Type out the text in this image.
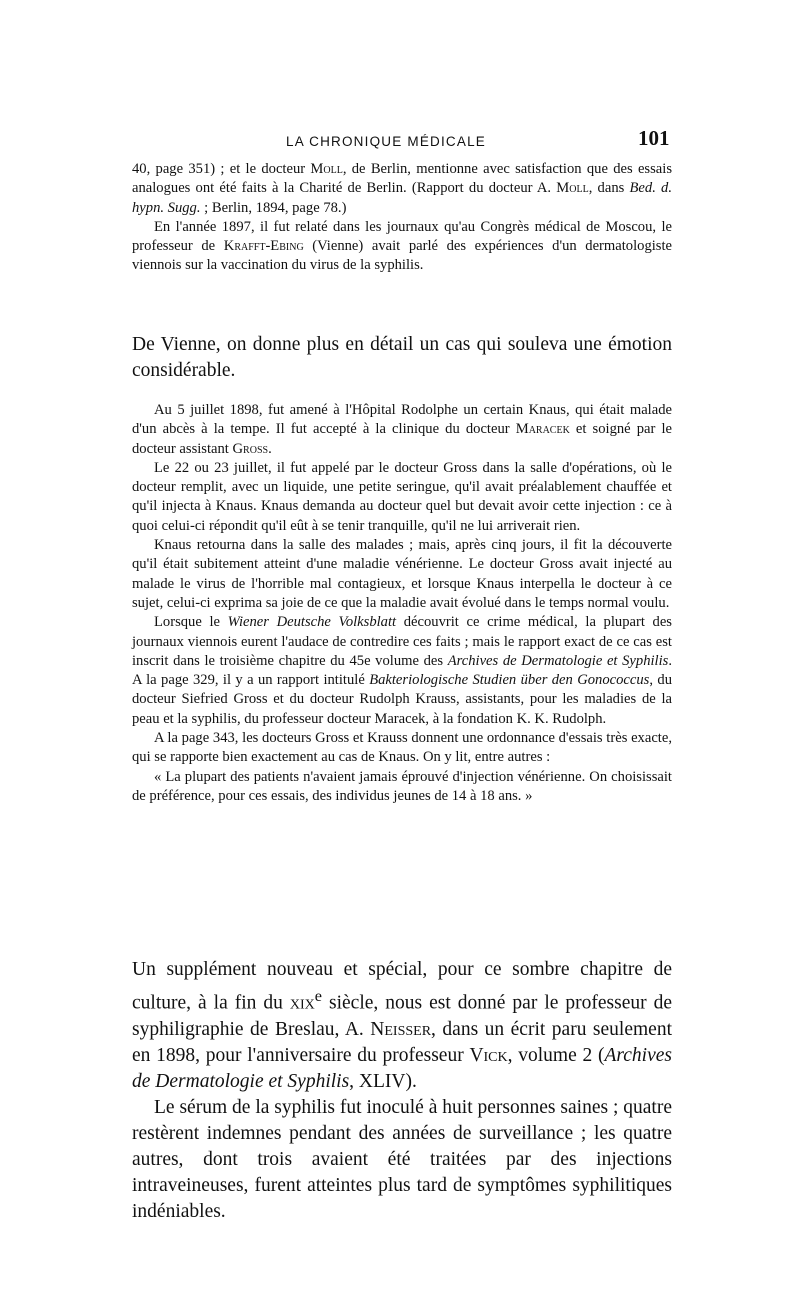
LA CHRONIQUE MÉDICALE	101

40, page 351) ; et le docteur Moll, de Berlin, mentionne avec satisfaction que des essais analogues ont été faits à la Charité de Berlin. (Rapport du docteur A. Moll, dans Bed. d. hypn. Sugg. ; Berlin, 1894, page 78.)

En l'année 1897, il fut relaté dans les journaux qu'au Congrès médical de Moscou, le professeur de Krafft-Ebing (Vienne) avait parlé des expériences d'un dermatologiste viennois sur la vaccination du virus de la syphilis.

De Vienne, on donne plus en détail un cas qui souleva une émotion considérable.

Au 5 juillet 1898, fut amené à l'Hôpital Rodolphe un certain Knaus, qui était malade d'un abcès à la tempe. Il fut accepté à la clinique du docteur Maracek et soigné par le docteur assistant Gross.

Le 22 ou 23 juillet, il fut appelé par le docteur Gross dans la salle d'opérations, où le docteur remplit, avec un liquide, une petite seringue, qu'il avait préalablement chauffée et qu'il injecta à Knaus. Knaus demanda au docteur quel but devait avoir cette injection : ce à quoi celui-ci répondit qu'il eût à se tenir tranquille, qu'il ne lui arriverait rien.

Knaus retourna dans la salle des malades ; mais, après cinq jours, il fit la découverte qu'il était subitement atteint d'une maladie vénérienne. Le docteur Gross avait injecté au malade le virus de l'horrible mal contagieux, et lorsque Knaus interpella le docteur à ce sujet, celui-ci exprima sa joie de ce que la maladie avait évolué dans le temps normal voulu.

Lorsque le Wiener Deutsche Volksblatt découvrit ce crime médical, la plupart des journaux viennois eurent l'audace de contredire ces faits ; mais le rapport exact de ce cas est inscrit dans le troisième chapitre du 45e volume des Archives de Dermatologie et Syphilis. A la page 329, il y a un rapport intitulé Bakteriologische Studien über den Gonococcus, du docteur Siefried Gross et du docteur Rudolph Krauss, assistants, pour les maladies de la peau et la syphilis, du professeur docteur Maracek, à la fondation K. K. Rudolph.

A la page 343, les docteurs Gross et Krauss donnent une ordonnance d'essais très exacte, qui se rapporte bien exactement au cas de Knaus. On y lit, entre autres :

« La plupart des patients n'avaient jamais éprouvé d'injection vénérienne. On choisissait de préférence, pour ces essais, des individus jeunes de 14 à 18 ans. »

Un supplément nouveau et spécial, pour ce sombre chapitre de culture, à la fin du xix$^e$ siècle, nous est donné par le professeur de syphiligraphie de Breslau, A. Neisser, dans un écrit paru seulement en 1898, pour l'anniversaire du professeur Vick, volume 2 (Archives de Dermatologie et Syphilis, XLIV).

Le sérum de la syphilis fut inoculé à huit personnes saines ; quatre restèrent indemnes pendant des années de surveillance ; les quatre autres, dont trois avaient été traitées par des injections intraveineuses, furent atteintes plus tard de symptômes syphilitiques indéniables.
